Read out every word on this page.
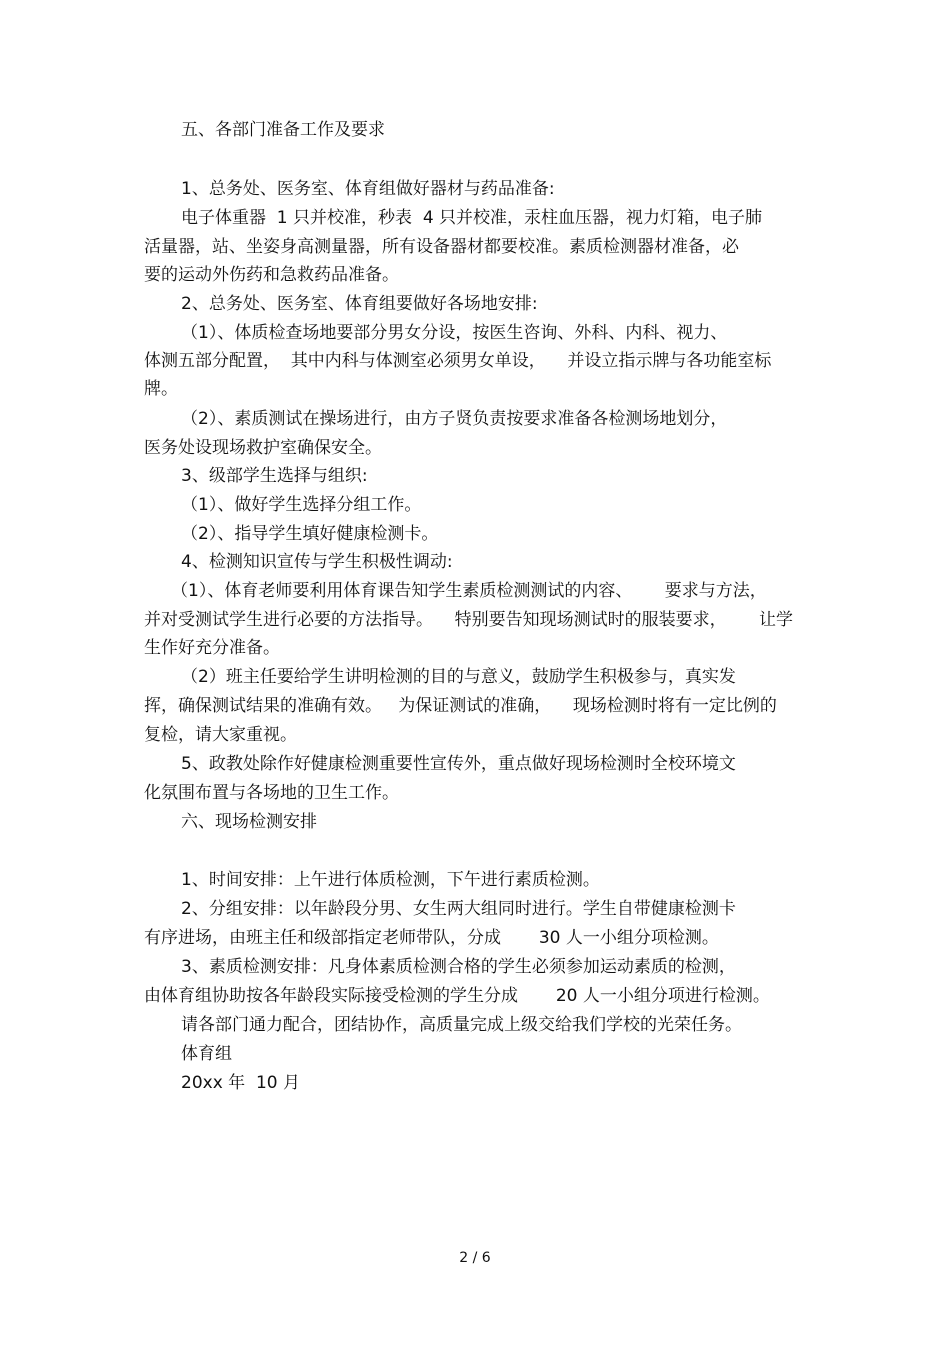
五、各部门准备工作及要求
1、总务处、医务室、体育组做好器材与药品准备:
电子体重器  1 只并校准，秒表  4 只并校准，汞柱血压器，视力灯箱，电子肺
活量器，站、坐姿身高测量器，所有设备器材都要校准。素质检测器材准备，必
要的运动外伤药和急救药品准备。
2、总务处、医务室、体育组要做好各场地安排:
（1）、体质检查场地要部分男女分设，按医生咨询、外科、内科、视力、
体测五部分配置，  其中内科与体测室必须男女单设，    并设立指示牌与各功能室标
牌。
（2）、素质测试在操场进行，由方子贤负责按要求准备各检测场地划分，
医务处设现场救护室确保安全。
3、级部学生选择与组织:
（1）、做好学生选择分组工作。
（2）、指导学生填好健康检测卡。
4、检测知识宣传与学生积极性调动:
（1）、体育老师要利用体育课告知学生素质检测测试的内容、      要求与方法，
并对受测试学生进行必要的方法指导。    特别要告知现场测试时的服装要求，      让学
生作好充分准备。
（2）班主任要给学生讲明检测的目的与意义，鼓励学生积极参与，真实发
挥，确保测试结果的准确有效。   为保证测试的准确，    现场检测时将有一定比例的
复检，请大家重视。
5、政教处除作好健康检测重要性宣传外，重点做好现场检测时全校环境文
化氛围布置与各场地的卫生工作。
六、现场检测安排
1、时间安排：上午进行体质检测，下午进行素质检测。
2、分组安排：以年龄段分男、女生两大组同时进行。学生自带健康检测卡
有序进场，由班主任和级部指定老师带队，分成       30 人一小组分项检测。
3、素质检测安排：凡身体素质检测合格的学生必须参加运动素质的检测，
由体育组协助按各年龄段实际接受检测的学生分成       20 人一小组分项进行检测。
请各部门通力配合，团结协作，高质量完成上级交给我们学校的光荣任务。
体育组
20xx 年  10 月
2 / 6
